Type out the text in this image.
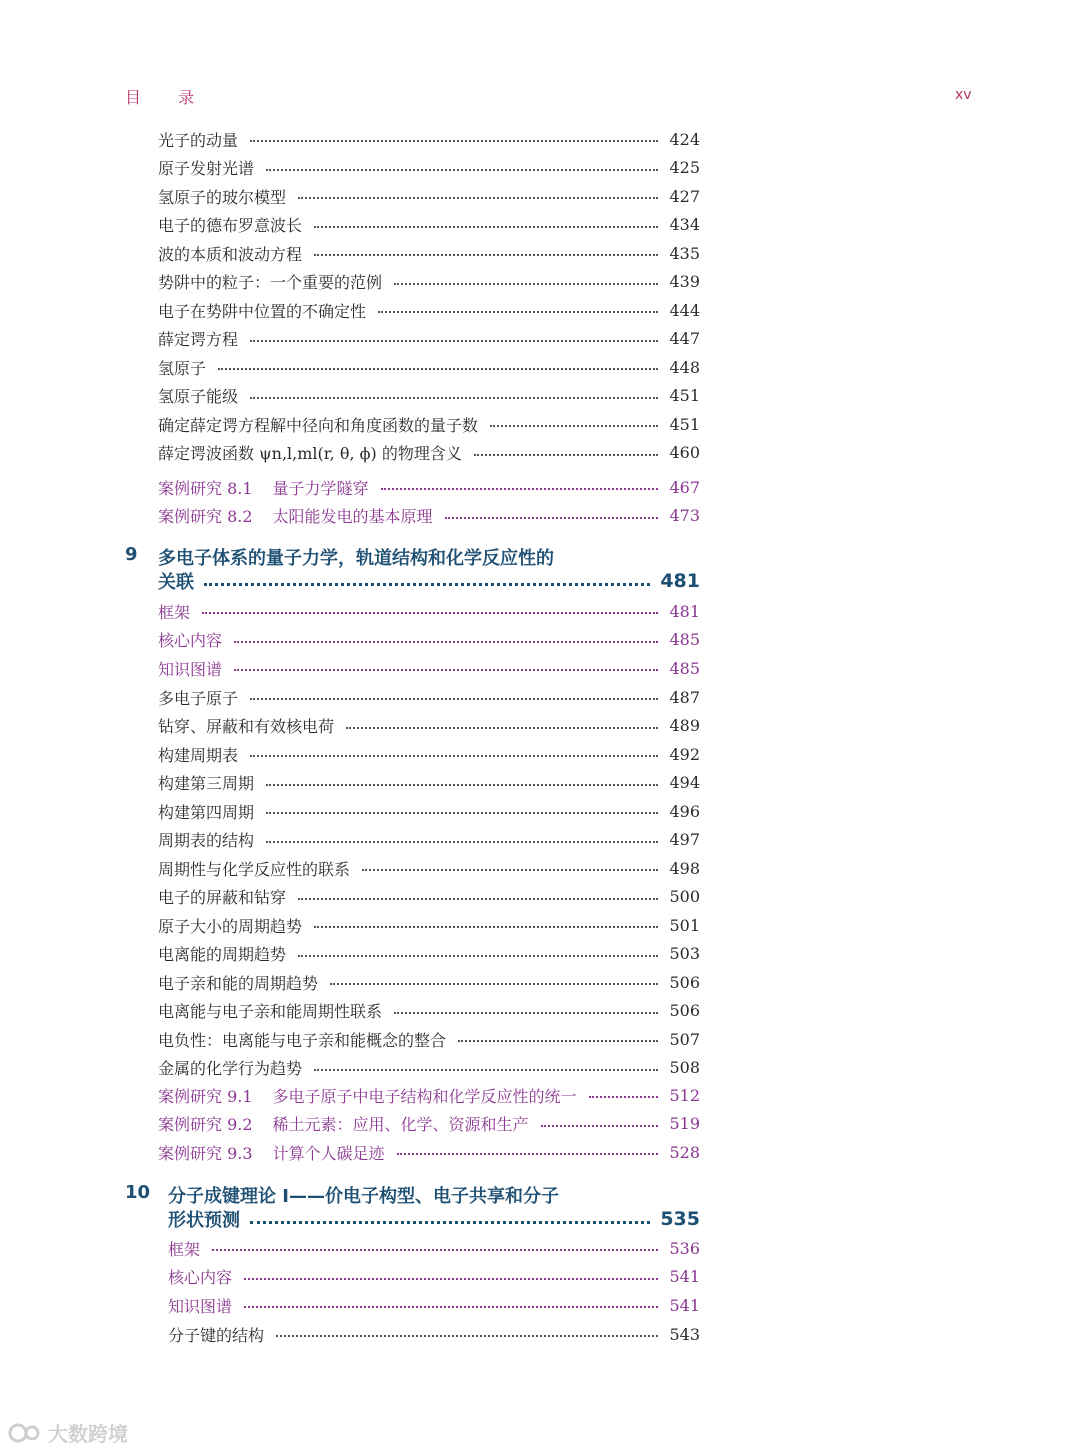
目 录	xv
光子的动量	424
原子发射光谱	425
氢原子的玻尔模型	427
电子的德布罗意波长	434
波的本质和波动方程	435
势阱中的粒子：一个重要的范例	439
电子在势阱中位置的不确定性	444
薛定谔方程	447
氢原子	448
氢原子能级	451
确定薛定谔方程解中径向和角度函数的量子数	451
薛定谔波函数 ψn,l,ml(r, θ, ϕ) 的物理含义	460
案例研究 8.1 量子力学隧穿	467
案例研究 8.2 太阳能发电的基本原理	473
9 多电子体系的量子力学，轨道结构和化学反应性的
关联	481
框架	481
核心内容	485
知识图谱	485
多电子原子	487
钻穿、屏蔽和有效核电荷	489
构建周期表	492
构建第三周期	494
构建第四周期	496
周期表的结构	497
周期性与化学反应性的联系	498
电子的屏蔽和钻穿	500
原子大小的周期趋势	501
电离能的周期趋势	503
电子亲和能的周期趋势	506
电离能与电子亲和能周期性联系	506
电负性：电离能与电子亲和能概念的整合	507
金属的化学行为趋势	508
案例研究 9.1 多电子原子中电子结构和化学反应性的统一	512
案例研究 9.2 稀土元素：应用、化学、资源和生产	519
案例研究 9.3 计算个人碳足迹	528
10 分子成键理论 I——价电子构型、电子共享和分子
形状预测	535
框架	536
核心内容	541
知识图谱	541
分子键的结构	543
大数跨境
